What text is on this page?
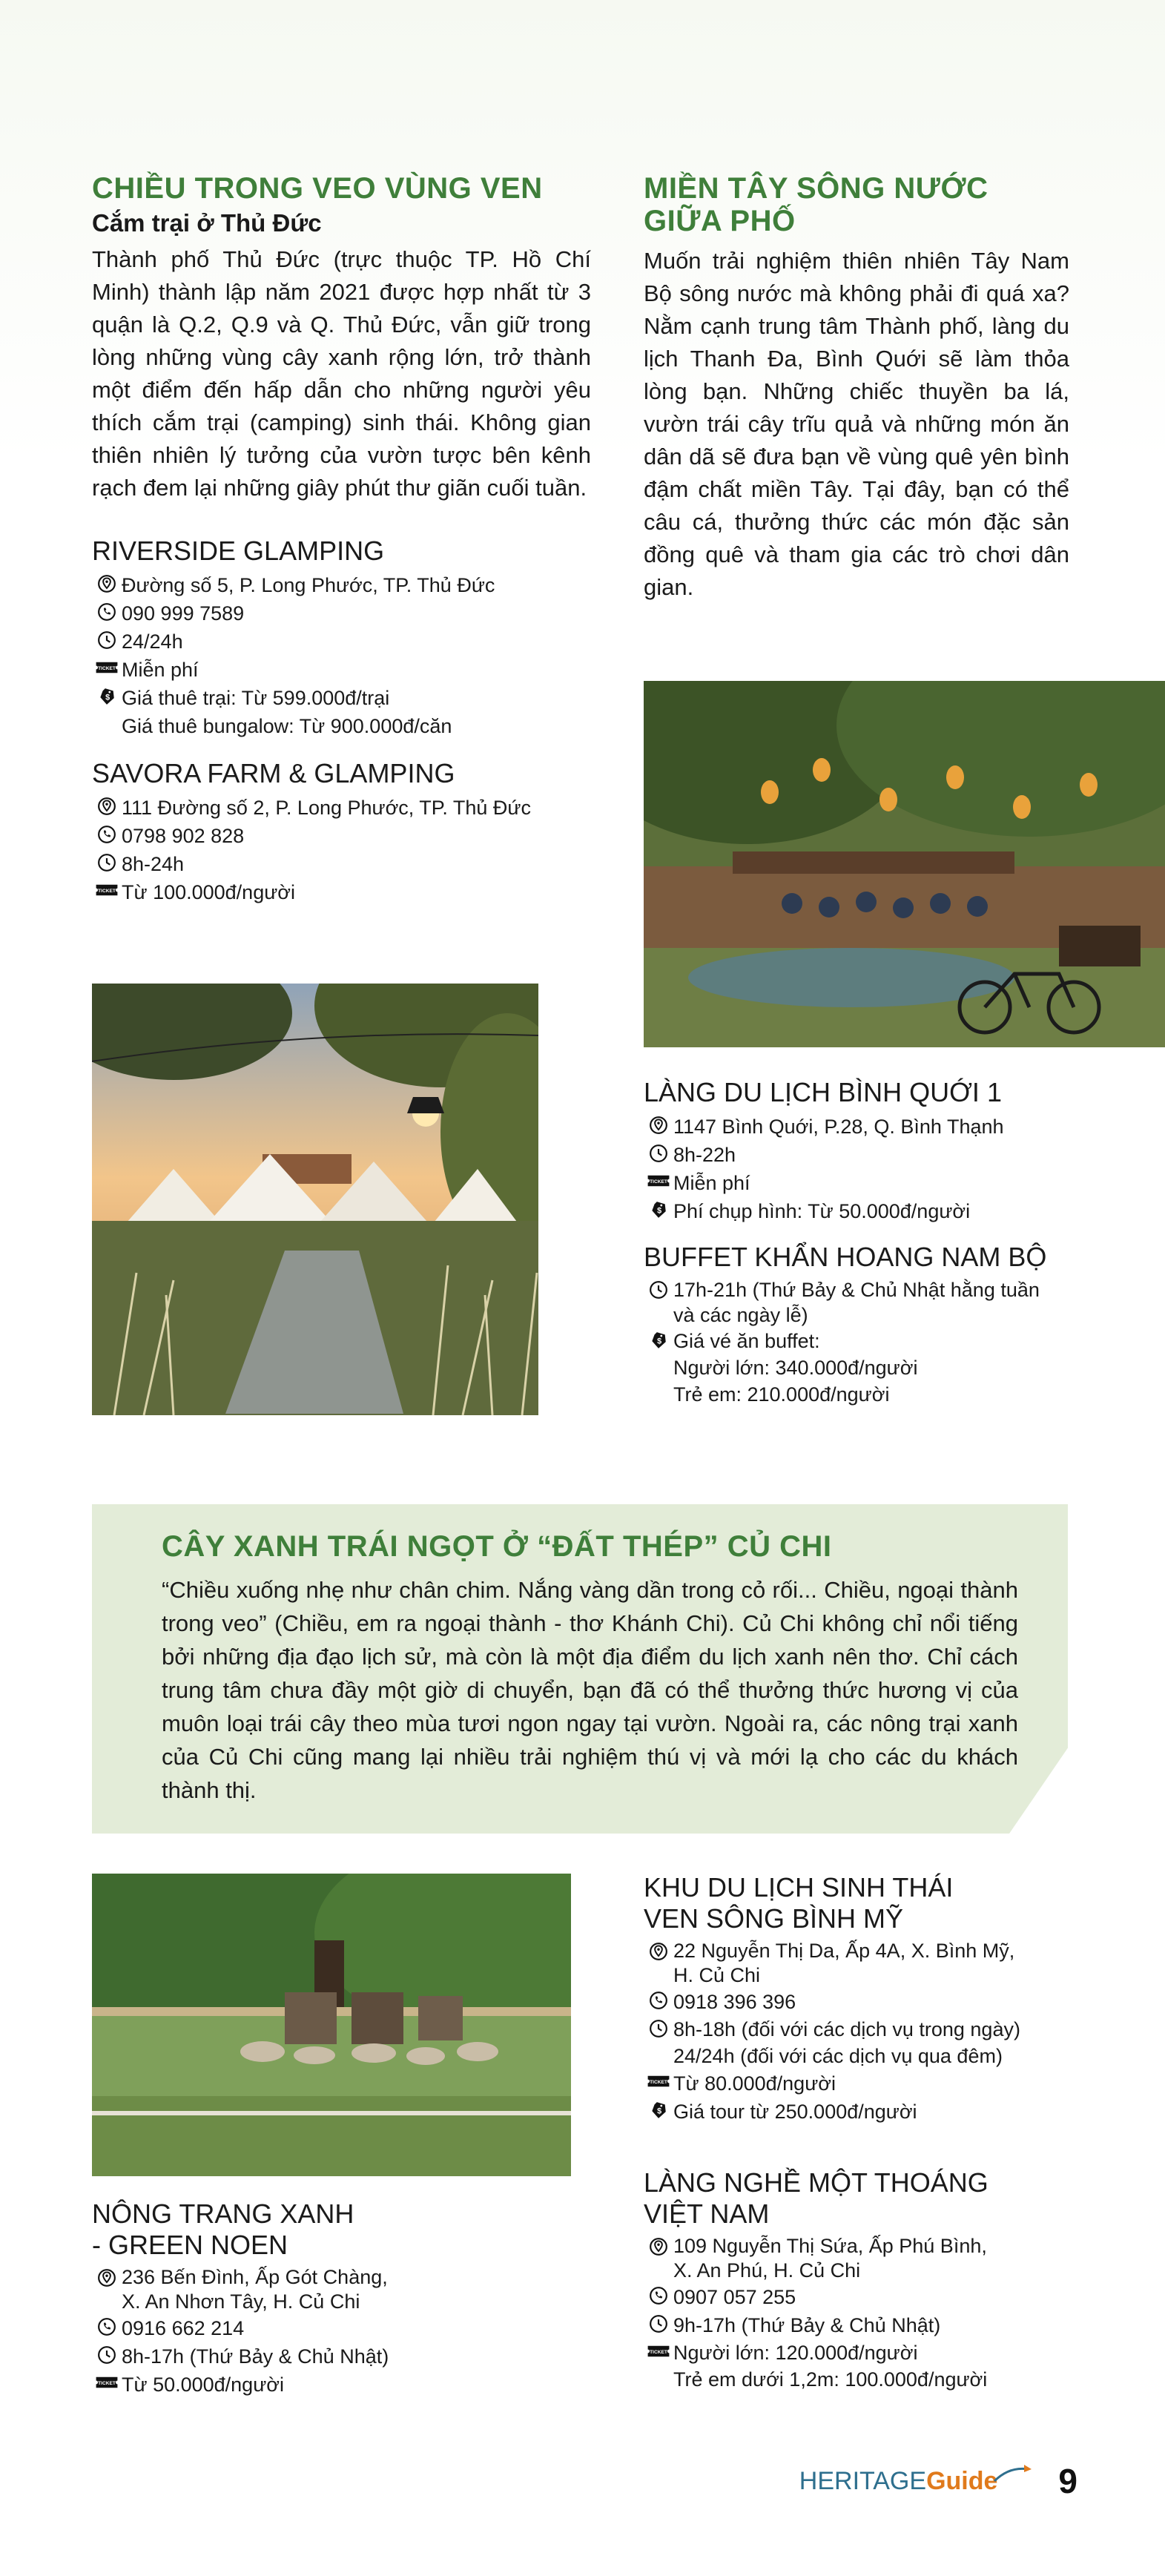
CHIỀU TRONG VEO VÙNG VEN
Cắm trại ở Thủ Đức

Thành phố Thủ Đức (trực thuộc TP. Hồ Chí Minh) thành lập năm 2021 được hợp nhất từ 3 quận là Q.2, Q.9 và Q. Thủ Đức, vẫn giữ trong lòng những vùng cây xanh rộng lớn, trở thành một điểm đến hấp dẫn cho những người yêu thích cắm trại (camping) sinh thái. Không gian thiên nhiên lý tưởng của vườn tược bên kênh rạch đem lại những giây phút thư giãn cuối tuần.

RIVERSIDE GLAMPING
Đường số 5, P. Long Phước, TP. Thủ Đức
090 999 7589
24/24h
Miễn phí
Giá thuê trại: Từ 599.000đ/trại
Giá thuê bungalow: Từ 900.000đ/căn
SAVORA FARM & GLAMPING
111 Đường số 2, P. Long Phước, TP. Thủ Đức
0798 902 828
8h-24h
Từ 100.000đ/người
MIỀN TÂY SÔNG NƯỚC
GIỮA PHỐ

Muốn trải nghiệm thiên nhiên Tây Nam Bộ sông nước mà không phải đi quá xa? Nằm cạnh trung tâm Thành phố, làng du lịch Thanh Đa, Bình Quới sẽ làm thỏa lòng bạn. Những chiếc thuyền ba lá, vườn trái cây trĩu quả và những món ăn dân dã sẽ đưa bạn về vùng quê yên bình đậm chất miền Tây. Tại đây, bạn có thể câu cá, thưởng thức các món đặc sản đồng quê và tham gia các trò chơi dân gian.

LÀNG DU LỊCH BÌNH QUỚI 1
1147 Bình Quới, P.28, Q. Bình Thạnh
8h-22h
Miễn phí
Phí chụp hình: Từ 50.000đ/người
BUFFET KHẨN HOANG NAM BỘ
17h-21h (Thứ Bảy & Chủ Nhật hằng tuần
và các ngày lễ)
Giá vé ăn buffet:
Người lớn: 340.000đ/người
Trẻ em: 210.000đ/người
CÂY XANH TRÁI NGỌT Ở “ĐẤT THÉP” CỦ CHI

“Chiều xuống nhẹ như chân chim. Nắng vàng dần trong cỏ rối... Chiều, ngoại thành trong veo” (Chiều, em ra ngoại thành - thơ Khánh Chi). Củ Chi không chỉ nổi tiếng bởi những địa đạo lịch sử, mà còn là một địa điểm du lịch xanh nên thơ. Chỉ cách trung tâm chưa đầy một giờ di chuyển, bạn đã có thể thưởng thức hương vị của muôn loại trái cây theo mùa tươi ngon ngay tại vườn. Ngoài ra, các nông trại xanh của Củ Chi cũng mang lại nhiều trải nghiệm thú vị và mới lạ cho các du khách thành thị.

NÔNG TRANG XANH
- GREEN NOEN
236 Bến Đình, Ấp Gót Chàng,
X. An Nhơn Tây, H. Củ Chi
0916 662 214
8h-17h (Thứ Bảy & Chủ Nhật)
Từ 50.000đ/người
KHU DU LỊCH SINH THÁI
VEN SÔNG BÌNH MỸ
22 Nguyễn Thị Da, Ấp 4A, X. Bình Mỹ,
H. Củ Chi
0918 396 396
8h-18h (đối với các dịch vụ trong ngày)
24/24h (đối với các dịch vụ qua đêm)
Từ 80.000đ/người
Giá tour từ 250.000đ/người
LÀNG NGHỀ MỘT THOÁNG
VIỆT NAM
109 Nguyễn Thị Sứa, Ấp Phú Bình,
X. An Phú, H. Củ Chi
0907 057 255
9h-17h (Thứ Bảy & Chủ Nhật)
Người lớn: 120.000đ/người
Trẻ em dưới 1,2m: 100.000đ/người
HERITAGEGuide 9
